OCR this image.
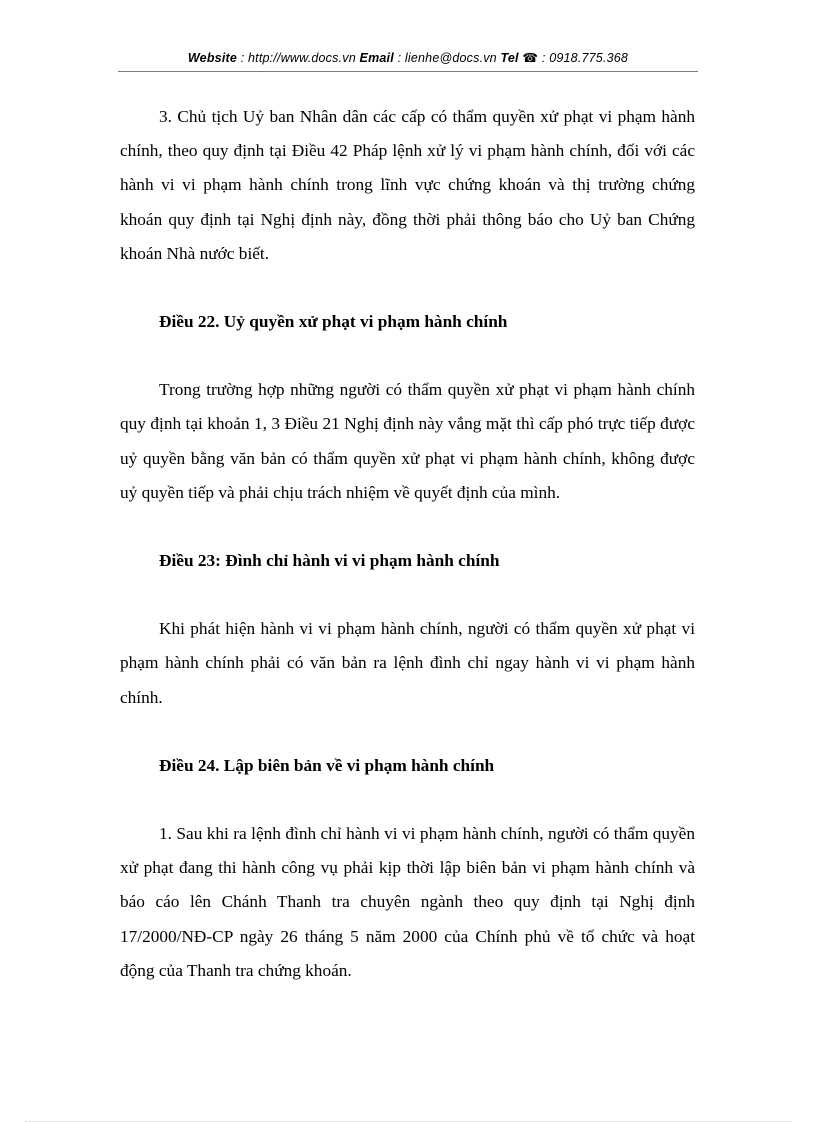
Website : http://www.docs.vn Email : lienhe@docs.vn Tel ☎ : 0918.775.368

3. Chủ tịch Uỷ ban Nhân dân các cấp có thẩm quyền xử phạt vi phạm hành chính, theo quy định tại Điều 42 Pháp lệnh xử lý vi phạm hành chính, đối với các hành vi vi phạm hành chính trong lĩnh vực chứng khoán và thị trường chứng khoán quy định tại Nghị định này, đồng thời phải thông báo cho Uỷ ban Chứng khoán Nhà nước biết.

Điều 22. Uỷ quyền xử phạt vi phạm hành chính

Trong trường hợp những người có thẩm quyền xử phạt vi phạm hành chính quy định tại khoản 1, 3 Điều 21 Nghị định này vắng mặt thì cấp phó trực tiếp được uỷ quyền bằng văn bản có thẩm quyền xử phạt vi phạm hành chính, không được uỷ quyền tiếp và phải chịu trách nhiệm về quyết định của mình.

Điều 23: Đình chỉ hành vi vi phạm hành chính

Khi phát hiện hành vi vi phạm hành chính, người có thẩm quyền xử phạt vi phạm hành chính phải có văn bản ra lệnh đình chỉ ngay hành vi vi phạm hành chính.

Điều 24. Lập biên bản về vi phạm hành chính

1. Sau khi ra lệnh đình chỉ hành vi vi phạm hành chính, người có thẩm quyền xử phạt đang thi hành công vụ phải kịp thời lập biên bản vi phạm hành chính và báo cáo lên Chánh Thanh tra chuyên ngành theo quy định tại Nghị định 17/2000/NĐ-CP ngày 26 tháng 5 năm 2000 của Chính phủ về tổ chức và hoạt động của Thanh tra chứng khoán.
